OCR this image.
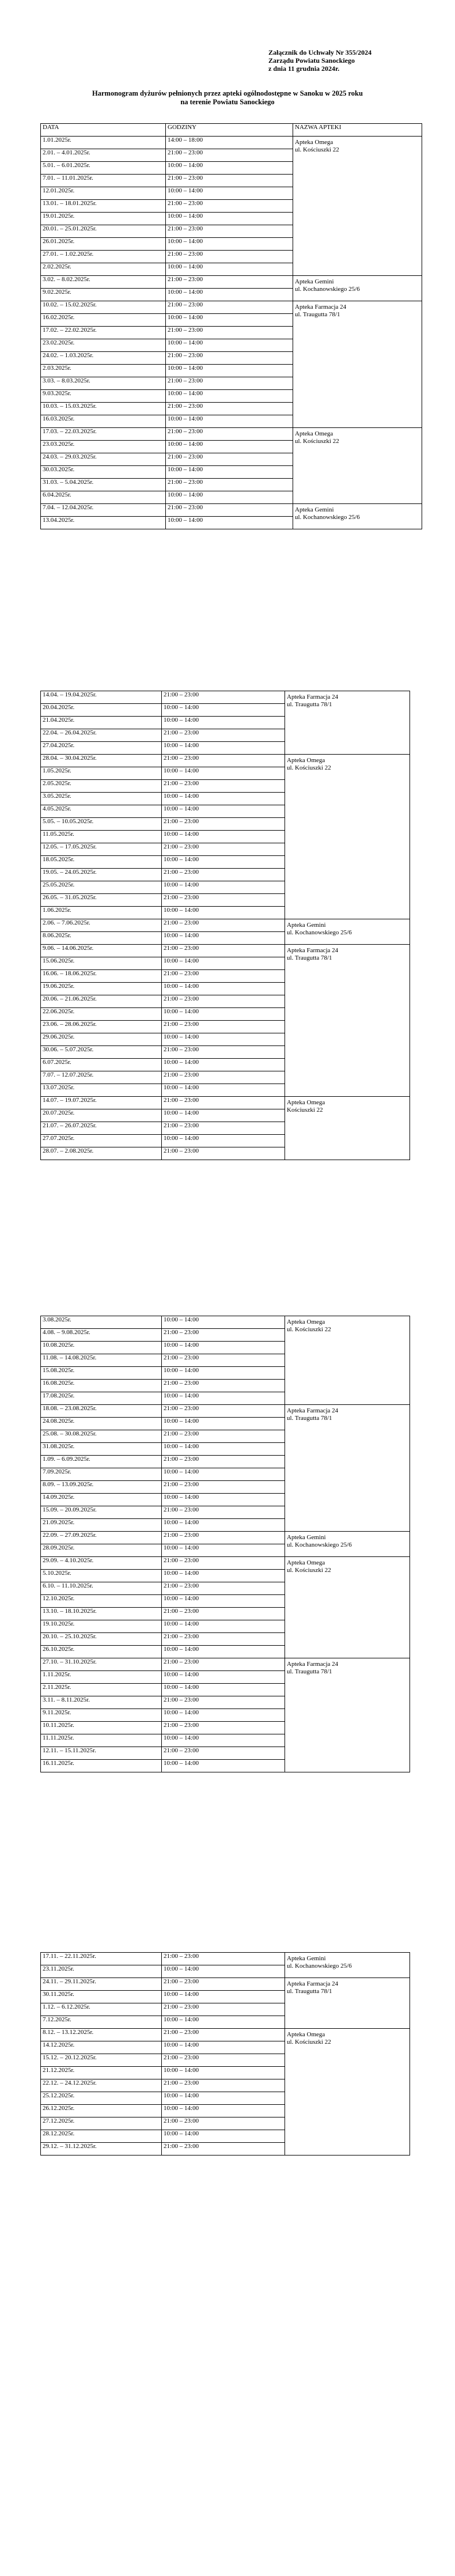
Załącznik do Uchwały Nr 355/2024
Zarządu Powiatu Sanockiego
z dnia 11 grudnia 2024r.
Harmonogram dyżurów pełnionych przez apteki ogólnodostępne w Sanoku w 2025 roku
na terenie Powiatu Sanockiego
DATA	GODZINY	NAZWA APTEKI
1.01.2025r.	14:00 – 18:00	Apteka Omega
ul. Kościuszki 22

2.01. – 4.01.2025r.	21:00 – 23:00	
5.01. – 6.01.2025r.	10:00 – 14:00	
7.01. – 11.01.2025r.	21:00 – 23:00	
12.01.2025r.	10:00 – 14:00	
13.01. – 18.01.2025r.	21:00 – 23:00	
19.01.2025r.	10:00 – 14:00	
20.01. – 25.01.2025r.	21:00 – 23:00	
26.01.2025r.	10:00 – 14:00	
27.01. – 1.02.2025r.	21:00 – 23:00	
2.02.2025r.	10:00 – 14:00	
3.02. – 8.02.2025r.	21:00 – 23:00	Apteka Gemini
ul. Kochanowskiego 25/6

9.02.2025r.	10:00 – 14:00	
10.02. – 15.02.2025r.	21:00 – 23:00	Apteka Farmacja 24
ul. Traugutta 78/1

16.02.2025r.	10:00 – 14:00	
17.02. – 22.02.2025r.	21:00 – 23:00	
23.02.2025r.	10:00 – 14:00	
24.02. – 1.03.2025r.	21:00 – 23:00	
2.03.2025r.	10:00 – 14:00	
3.03. – 8.03.2025r.	21:00 – 23:00	
9.03.2025r.	10:00 – 14:00	
10.03. – 15.03.2025r.	21:00 – 23:00	
16.03.2025r.	10:00 – 14:00	
17.03. – 22.03.2025r.	21:00 – 23:00	Apteka Omega
ul. Kościuszki 22

23.03.2025r.	10:00 – 14:00	
24.03. – 29.03.2025r.	21:00 – 23:00	
30.03.2025r.	10:00 – 14:00	
31.03. – 5.04.2025r.	21:00 – 23:00	
6.04.2025r.	10:00 – 14:00	
7.04. – 12.04.2025r.	21:00 – 23:00	Apteka Gemini
ul. Kochanowskiego 25/6

13.04.2025r.	10:00 – 14:00	
14.04. – 19.04.2025r.	21:00 – 23:00	Apteka Farmacja 24
ul. Traugutta 78/1

20.04.2025r.	10:00 – 14:00	
21.04.2025r.	10:00 – 14:00	
22.04. – 26.04.2025r.	21:00 – 23:00	
27.04.2025r.	10:00 – 14:00	
28.04. – 30.04.2025r.	21:00 – 23:00	Apteka Omega
ul. Kościuszki 22

1.05.2025r.	10:00 – 14:00	
2.05.2025r.	21:00 – 23:00	
3.05.2025r.	10:00 – 14:00	
4.05.2025r.	10:00 – 14:00	
5.05. – 10.05.2025r.	21:00 – 23:00	
11.05.2025r.	10:00 – 14:00	
12.05. – 17.05.2025r.	21:00 – 23:00	
18.05.2025r.	10:00 – 14:00	
19.05. – 24.05.2025r.	21:00 – 23:00	
25.05.2025r.	10:00 – 14:00	
26.05. – 31.05.2025r.	21:00 – 23:00	
1.06.2025r.	10:00 – 14:00	
2.06. – 7.06.2025r.	21:00 – 23:00	Apteka Gemini
ul. Kochanowskiego 25/6

8.06.2025r.	10:00 – 14:00	
9.06. – 14.06.2025r.	21:00 – 23:00	Apteka Farmacja 24
ul. Traugutta 78/1

15.06.2025r.	10:00 – 14:00	
16.06. – 18.06.2025r.	21:00 – 23:00	
19.06.2025r.	10:00 – 14:00	
20.06. – 21.06.2025r.	21:00 – 23:00	
22.06.2025r.	10:00 – 14:00	
23.06. – 28.06.2025r.	21:00 – 23:00	
29.06.2025r.	10:00 – 14:00	
30.06. – 5.07.2025r.	21:00 – 23:00	
6.07.2025r.	10:00 – 14:00	
7.07. – 12.07.2025r.	21:00 – 23:00	
13.07.2025r.	10:00 – 14:00	
14.07. – 19.07.2025r.	21:00 – 23:00	Apteka Omega
Kościuszki 22

20.07.2025r.	10:00 – 14:00	
21.07. – 26.07.2025r.	21:00 – 23:00	
27.07.2025r.	10:00 – 14:00	
28.07. – 2.08.2025r.	21:00 – 23:00	
3.08.2025r.	10:00 – 14:00	Apteka Omega
ul. Kościuszki 22

4.08. – 9.08.2025r.	21:00 – 23:00	
10.08.2025r.	10:00 – 14:00	
11.08. – 14.08.2025r.	21:00 – 23:00	
15.08.2025r.	10:00 – 14:00	
16.08.2025r.	21:00 – 23:00	
17.08.2025r.	10:00 – 14:00	
18.08. – 23.08.2025r.	21:00 – 23:00	Apteka Farmacja 24
ul. Traugutta 78/1

24.08.2025r.	10:00 – 14:00	
25.08. – 30.08.2025r.	21:00 – 23:00	
31.08.2025r.	10:00 – 14:00	
1.09. – 6.09.2025r.	21:00 – 23:00	
7.09.2025r.	10:00 – 14:00	
8.09. – 13.09.2025r.	21:00 – 23:00	
14.09.2025r.	10:00 – 14:00	
15.09. – 20.09.2025r.	21:00 – 23:00	
21.09.2025r.	10:00 – 14:00	
22.09. – 27.09.2025r.	21:00 – 23:00	Apteka Gemini
ul. Kochanowskiego 25/6

28.09.2025r.	10:00 – 14:00	
29.09. – 4.10.2025r.	21:00 – 23:00	Apteka Omega
ul. Kościuszki 22

5.10.2025r.	10:00 – 14:00	
6.10. – 11.10.2025r.	21:00 – 23:00	
12.10.2025r.	10:00 – 14:00	
13.10. – 18.10.2025r.	21:00 – 23:00	
19.10.2025r.	10:00 – 14:00	
20.10. – 25.10.2025r.	21:00 – 23:00	
26.10.2025r.	10:00 – 14:00	
27.10. – 31.10.2025r.	21:00 – 23:00	Apteka Farmacja 24
ul. Traugutta 78/1

1.11.2025r.	10:00 – 14:00	
2.11.2025r.	10:00 – 14:00	
3.11. – 8.11.2025r.	21:00 – 23:00	
9.11.2025r.	10:00 – 14:00	
10.11.2025r.	21:00 – 23:00	
11.11.2025r.	10:00 – 14:00	
12.11. – 15.11.2025r.	21:00 – 23:00	
16.11.2025r.	10:00 – 14:00	
17.11. – 22.11.2025r.	21:00 – 23:00	Apteka Gemini
ul. Kochanowskiego 25/6

23.11.2025r.	10:00 – 14:00	
24.11. – 29.11.2025r.	21:00 – 23:00	Apteka Farmacja 24
ul. Traugutta 78/1

30.11.2025r.	10:00 – 14:00	
1.12. – 6.12.2025r.	21:00 – 23:00	
7.12.2025r.	10:00 – 14:00	
8.12. – 13.12.2025r.	21:00 – 23:00	Apteka Omega
ul. Kościuszki 22

14.12.2025r.	10:00 – 14:00	
15.12. – 20.12.2025r.	21:00 – 23:00	
21.12.2025r.	10:00 – 14:00	
22.12. – 24.12.2025r.	21:00 – 23:00	
25.12.2025r.	10:00 – 14:00	
26.12.2025r.	10:00 – 14:00	
27.12.2025r.	21:00 – 23:00	
28.12.2025r.	10:00 – 14:00	
29.12. – 31.12.2025r.	21:00 – 23:00	
